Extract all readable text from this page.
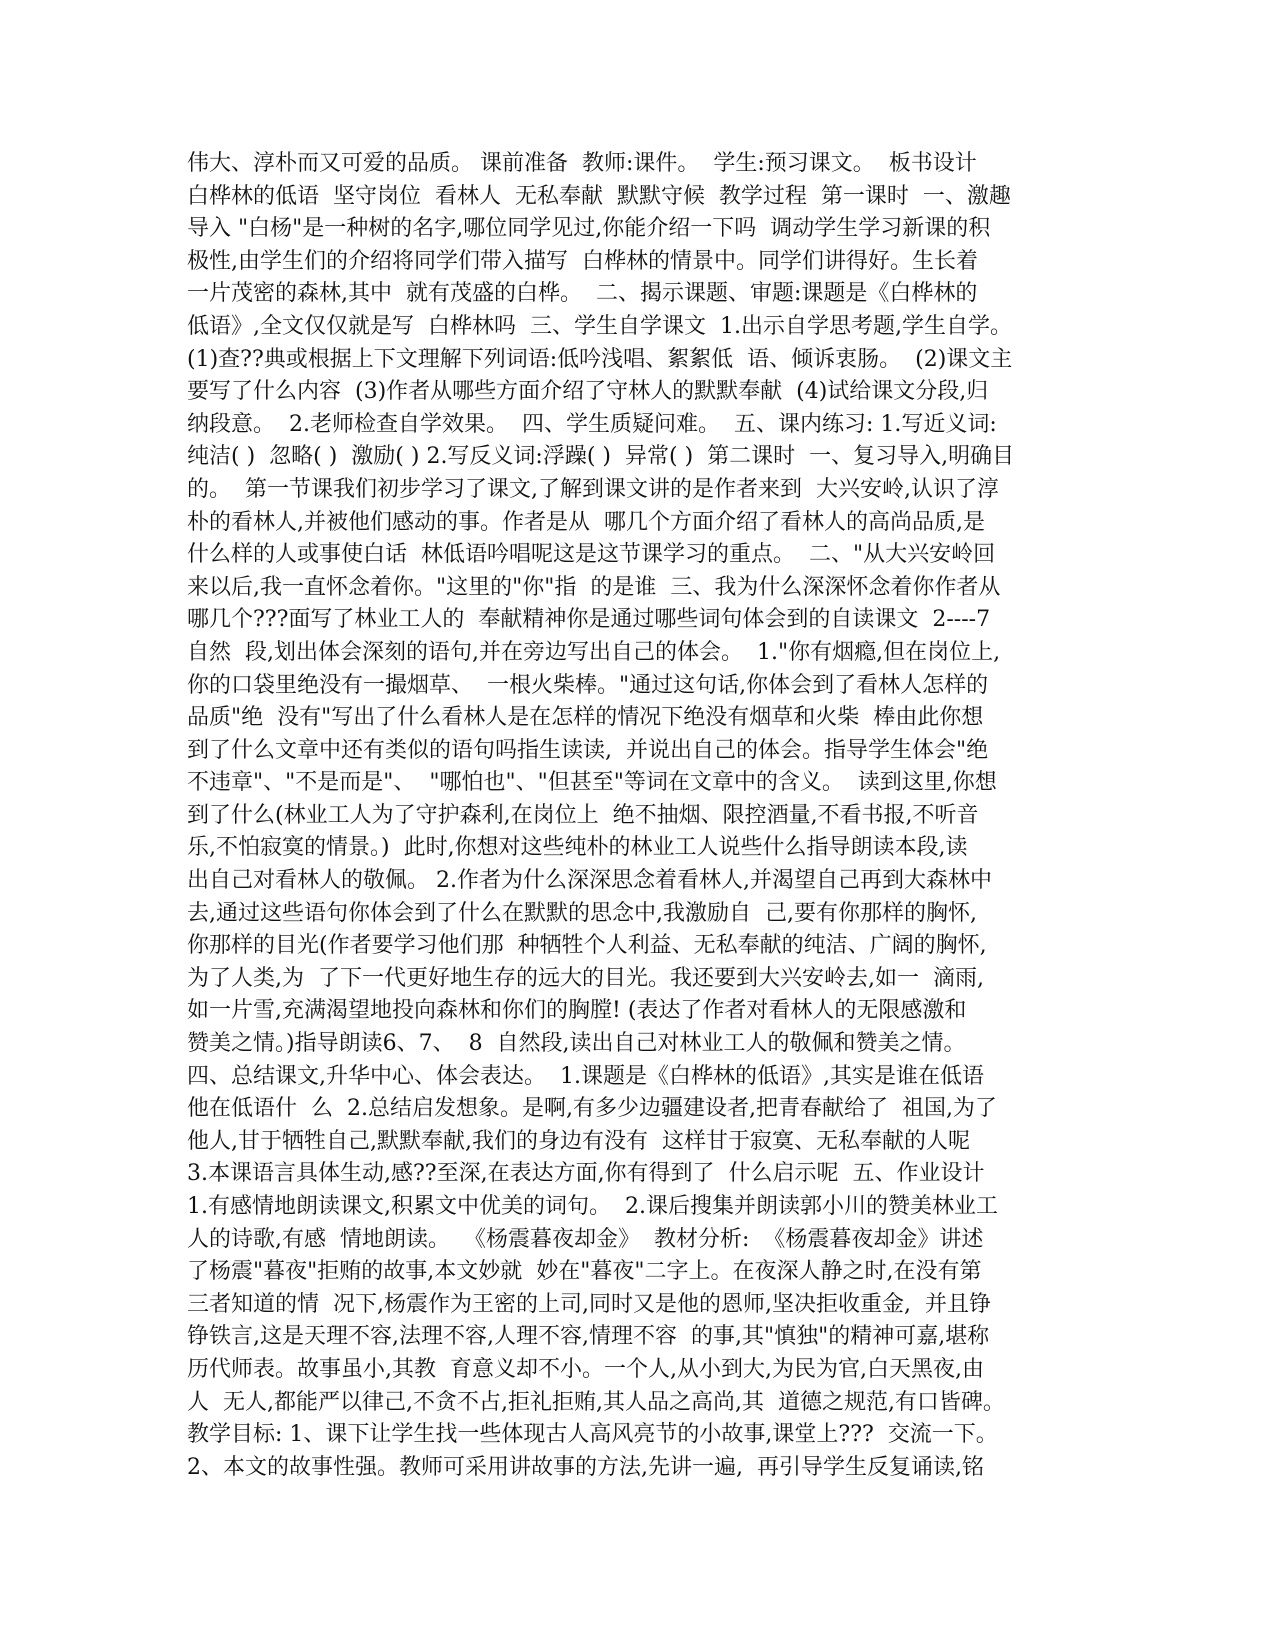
伟大、淳朴而又可爱的品质。 课前准备  教师:课件。  学生:预习课文。  板书设计
白桦林的低语  坚守岗位  看林人  无私奉献  默默守候  教学过程  第一课时  一、激趣
导入 "白杨"是一种树的名字,哪位同学见过,你能介绍一下吗  调动学生学习新课的积
极性,由学生们的介绍将同学们带入描写  白桦林的情景中。同学们讲得好。生长着
一片茂密的森林,其中  就有茂盛的白桦。  二、揭示课题、审题:课题是《白桦林的
低语》,全文仅仅就是写  白桦林吗  三、学生自学课文  1.出示自学思考题,学生自学。
(1)查??典或根据上下文理解下列词语:低吟浅唱、絮絮低  语、倾诉衷肠。  (2)课文主
要写了什么内容  (3)作者从哪些方面介绍了守林人的默默奉献  (4)试给课文分段,归
纳段意。  2.老师检查自学效果。  四、学生质疑问难。  五、课内练习: 1.写近义词:
纯洁( )  忽略( )  激励( ) 2.写反义词:浮躁( )  异常( )  第二课时  一、复习导入,明确目
的。  第一节课我们初步学习了课文,了解到课文讲的是作者来到  大兴安岭,认识了淳
朴的看林人,并被他们感动的事。作者是从  哪几个方面介绍了看林人的高尚品质,是
什么样的人或事使白话  林低语吟唱呢这是这节课学习的重点。  二、"从大兴安岭回
来以后,我一直怀念着你。"这里的"你"指  的是谁  三、我为什么深深怀念着你作者从
哪几个???面写了林业工人的  奉献精神你是通过哪些词句体会到的自读课文  2----7
自然  段,划出体会深刻的语句,并在旁边写出自己的体会。  1."你有烟瘾,但在岗位上,
你的口袋里绝没有一撮烟草、  一根火柴棒。"通过这句话,你体会到了看林人怎样的
品质"绝  没有"写出了什么看林人是在怎样的情况下绝没有烟草和火柴  棒由此你想
到了什么文章中还有类似的语句吗指生读读,  并说出自己的体会。指导学生体会"绝
不违章"、"不是而是"、  "哪怕也"、"但甚至"等词在文章中的含义。  读到这里,你想
到了什么(林业工人为了守护森利,在岗位上  绝不抽烟、限控酒量,不看书报,不听音
乐,不怕寂寞的情景。)  此时,你想对这些纯朴的林业工人说些什么指导朗读本段,读
出自己对看林人的敬佩。 2.作者为什么深深思念着看林人,并渴望自己再到大森林中
去,通过这些语句你体会到了什么在默默的思念中,我激励自  己,要有你那样的胸怀,
你那样的目光(作者要学习他们那  种牺牲个人利益、无私奉献的纯洁、广阔的胸怀,
为了人类,为  了下一代更好地生存的远大的目光。我还要到大兴安岭去,如一  滴雨,
如一片雪,充满渴望地投向森林和你们的胸膛! (表达了作者对看林人的无限感激和
赞美之情。)指导朗读6、7、  8  自然段,读出自己对林业工人的敬佩和赞美之情。
四、总结课文,升华中心、体会表达。  1.课题是《白桦林的低语》,其实是谁在低语
他在低语什  么  2.总结启发想象。是啊,有多少边疆建设者,把青春献给了  祖国,为了
他人,甘于牺牲自己,默默奉献,我们的身边有没有  这样甘于寂寞、无私奉献的人呢
3.本课语言具体生动,感??至深,在表达方面,你有得到了  什么启示呢  五、作业设计
1.有感情地朗读课文,积累文中优美的词句。  2.课后搜集并朗读郭小川的赞美林业工
人的诗歌,有感  情地朗读。  《杨震暮夜却金》  教材分析:  《杨震暮夜却金》讲述
了杨震"暮夜"拒贿的故事,本文妙就  妙在"暮夜"二字上。在夜深人静之时,在没有第
三者知道的情  况下,杨震作为王密的上司,同时又是他的恩师,坚决拒收重金,  并且铮
铮铁言,这是天理不容,法理不容,人理不容,情理不容  的事,其"慎独"的精神可嘉,堪称
历代师表。故事虽小,其教  育意义却不小。一个人,从小到大,为民为官,白天黑夜,由
人  无人,都能严以律己,不贪不占,拒礼拒贿,其人品之高尚,其  道德之规范,有口皆碑。
教学目标: 1、课下让学生找一些体现古人高风亮节的小故事,课堂上???  交流一下。
2、本文的故事性强。教师可采用讲故事的方法,先讲一遍,  再引导学生反复诵读,铭
